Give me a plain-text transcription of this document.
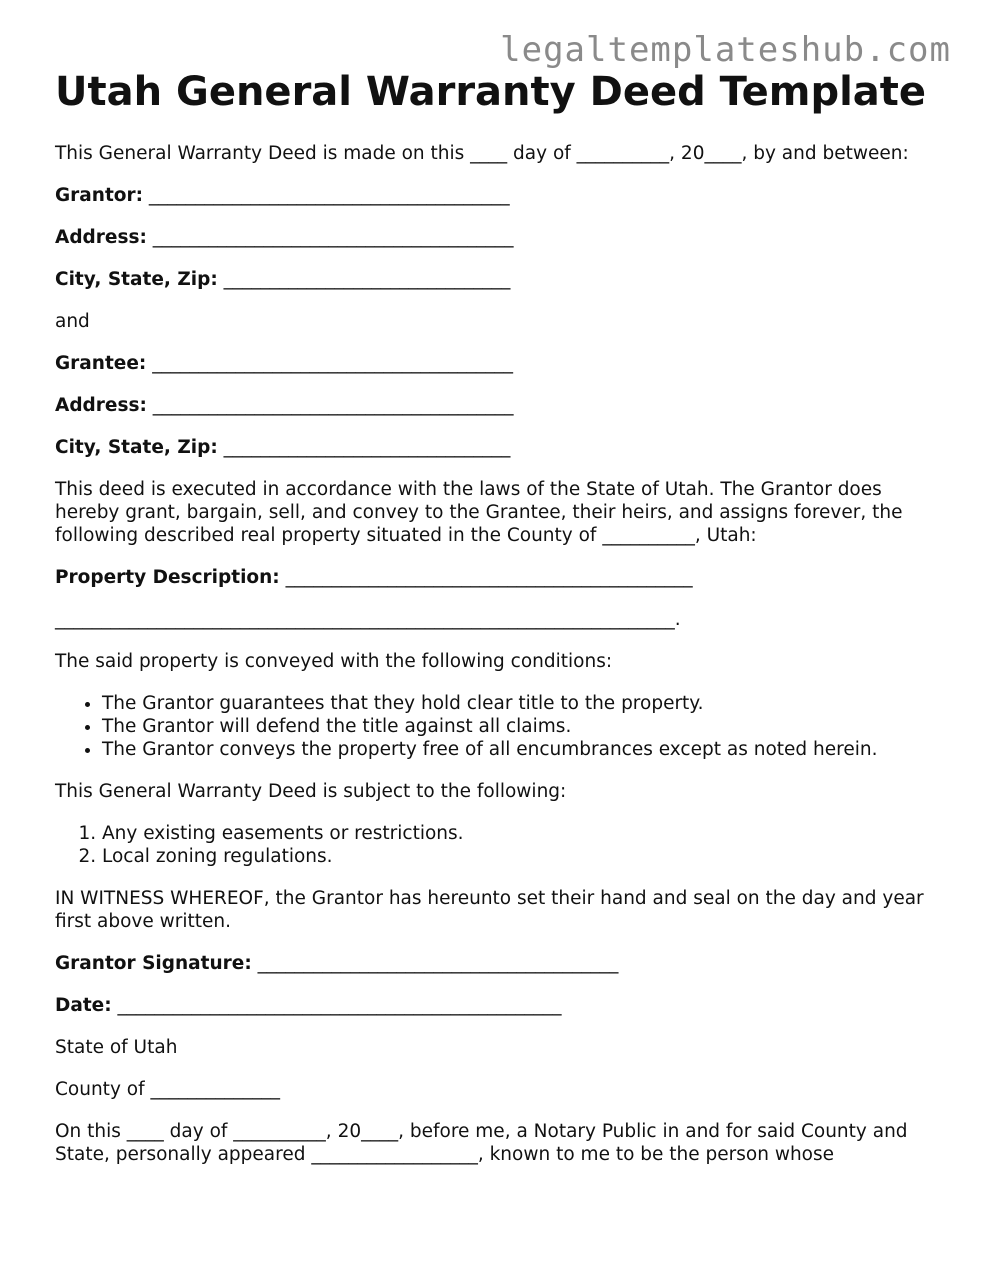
legaltemplateshub.com
Utah General Warranty Deed Template

This General Warranty Deed is made on this ____ day of __________, 20____, by and between:

Grantor: _______________________________________

Address: _______________________________________

City, State, Zip: _______________________________

and

Grantee: _______________________________________

Address: _______________________________________

City, State, Zip: _______________________________

This deed is executed in accordance with the laws of the State of Utah. The Grantor does hereby grant, bargain, sell, and convey to the Grantee, their heirs, and assigns forever, the following described real property situated in the County of __________, Utah:

Property Description: ____________________________________________

___________________________________________________________________.

The said property is conveyed with the following conditions:

• The Grantor guarantees that they hold clear title to the property.
• The Grantor will defend the title against all claims.
• The Grantor conveys the property free of all encumbrances except as noted herein.

This General Warranty Deed is subject to the following:

1. Any existing easements or restrictions.
2. Local zoning regulations.

IN WITNESS WHEREOF, the Grantor has hereunto set their hand and seal on the day and year first above written.

Grantor Signature: _______________________________________

Date: ________________________________________________

State of Utah

County of ______________

On this ____ day of __________, 20____, before me, a Notary Public in and for said County and State, personally appeared __________________, known to me to be the person whose
